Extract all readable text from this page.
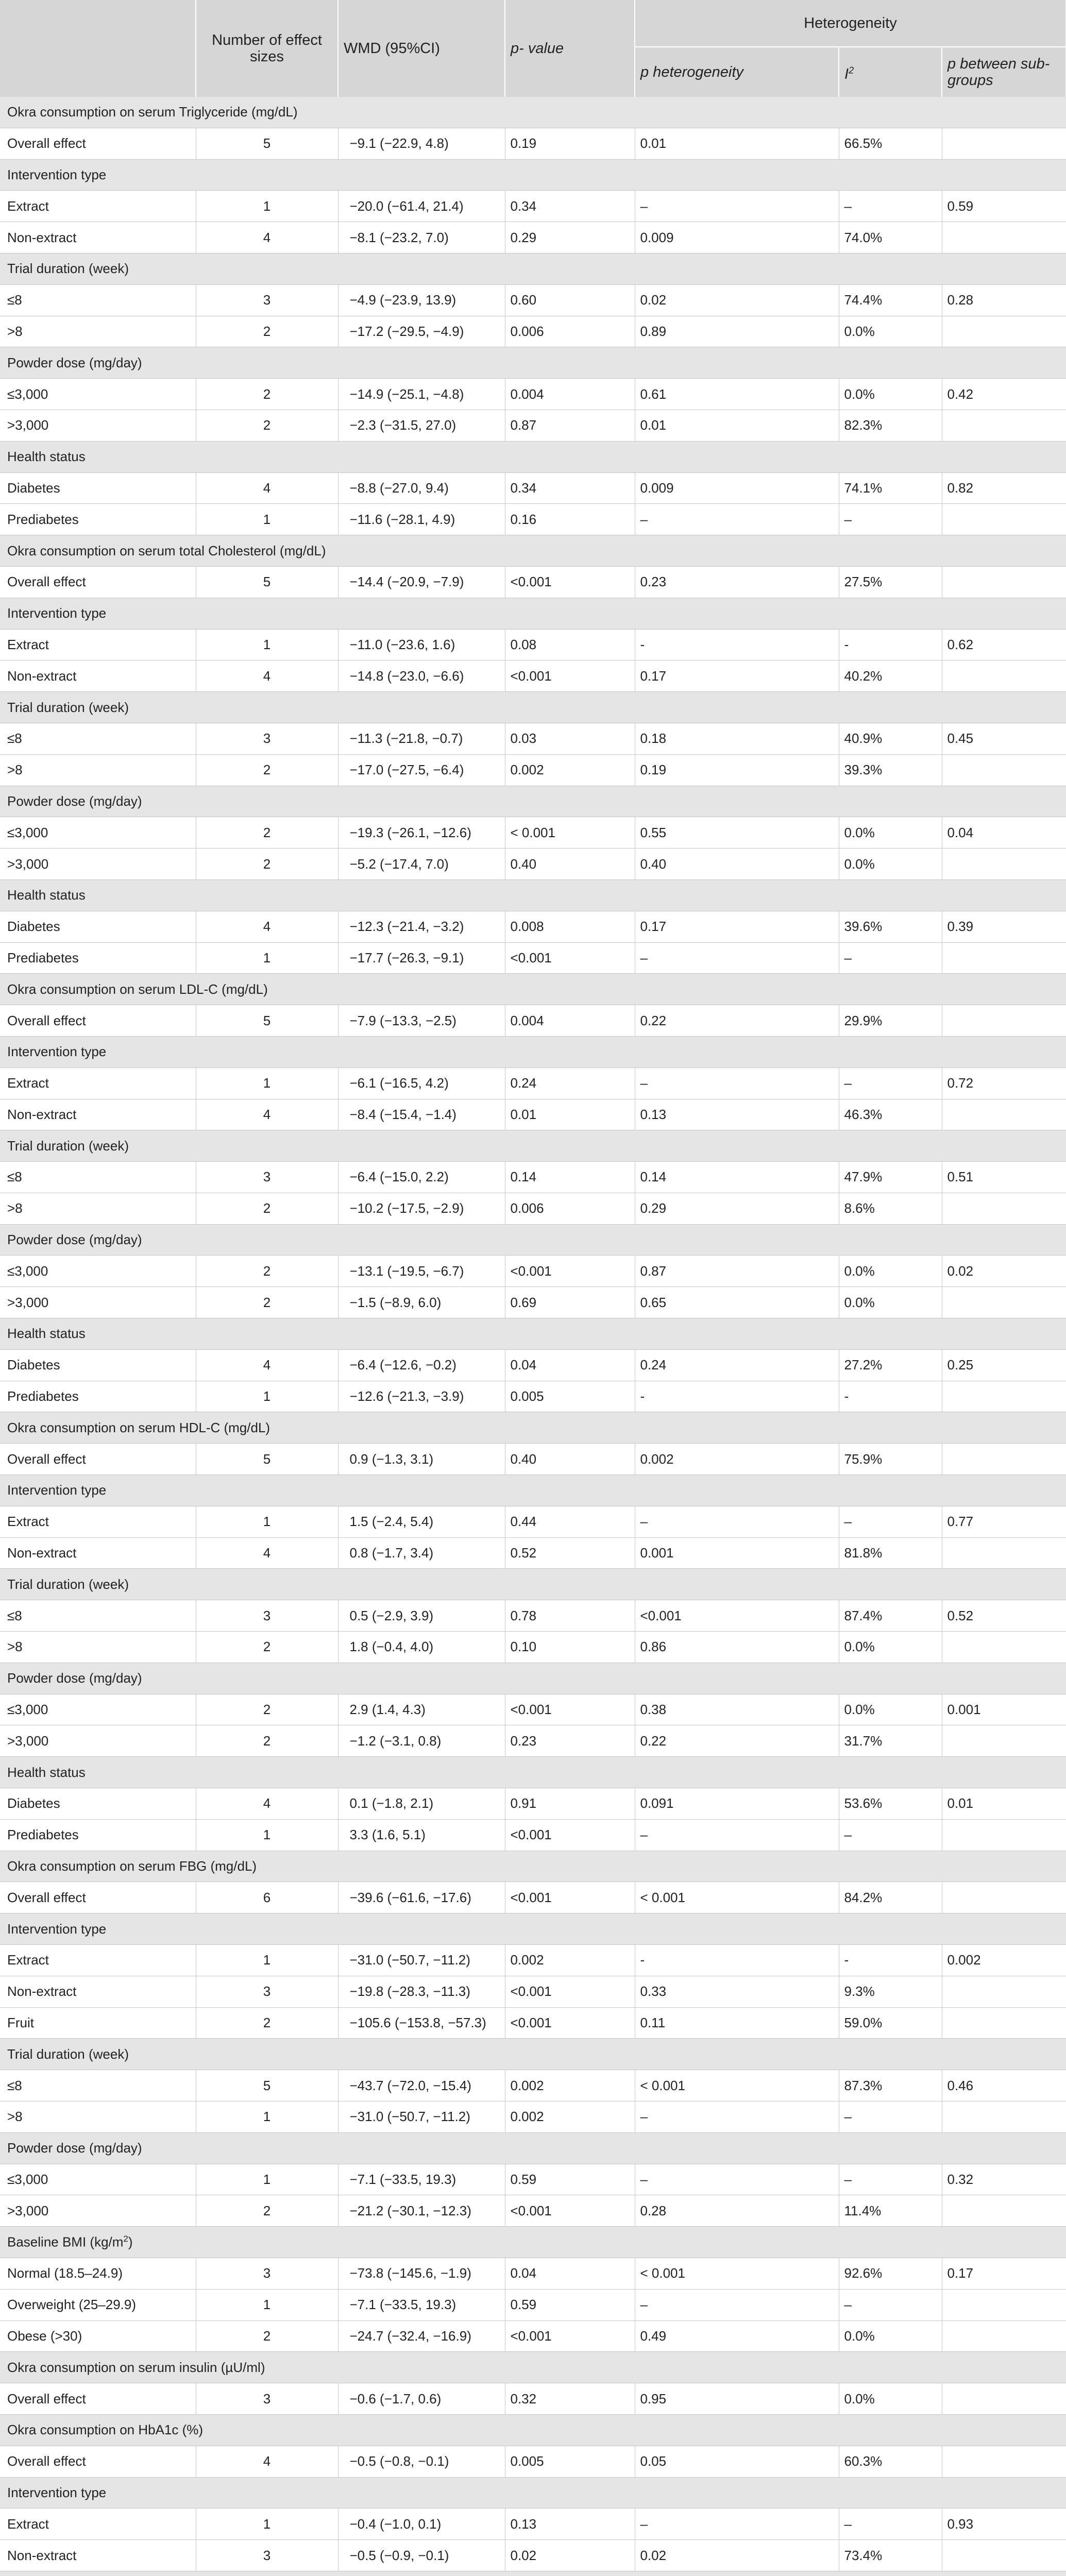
	Number of effect sizes	WMD (95%CI)	p- value	Heterogeneity		
				p heterogeneity	$I^2$	p between sub-groups
Okra consumption on serum Triglyceride (mg/dL)						
Overall effect	5	−9.1 (−22.9, 4.8)	0.19	0.01	66.5%	
Intervention type						
Extract	1	−20.0 (−61.4, 21.4)	0.34	–	–	0.59
Non-extract	4	−8.1 (−23.2, 7.0)	0.29	0.009	74.0%	
Trial duration (week)						
≤8	3	−4.9 (−23.9, 13.9)	0.60	0.02	74.4%	0.28
>8	2	−17.2 (−29.5, −4.9)	0.006	0.89	0.0%	
Powder dose (mg/day)						
≤3,000	2	−14.9 (−25.1, −4.8)	0.004	0.61	0.0%	0.42
>3,000	2	−2.3 (−31.5, 27.0)	0.87	0.01	82.3%	
Health status						
Diabetes	4	−8.8 (−27.0, 9.4)	0.34	0.009	74.1%	0.82
Prediabetes	1	−11.6 (−28.1, 4.9)	0.16	–	–	
Okra consumption on serum total Cholesterol (mg/dL)						
Overall effect	5	−14.4 (−20.9, −7.9)	<0.001	0.23	27.5%	
Intervention type						
Extract	1	−11.0 (−23.6, 1.6)	0.08	-	-	0.62
Non-extract	4	−14.8 (−23.0, −6.6)	<0.001	0.17	40.2%	
Trial duration (week)						
≤8	3	−11.3 (−21.8, −0.7)	0.03	0.18	40.9%	0.45
>8	2	−17.0 (−27.5, −6.4)	0.002	0.19	39.3%	
Powder dose (mg/day)						
≤3,000	2	−19.3 (−26.1, −12.6)	< 0.001	0.55	0.0%	0.04
>3,000	2	−5.2 (−17.4, 7.0)	0.40	0.40	0.0%	
Health status						
Diabetes	4	−12.3 (−21.4, −3.2)	0.008	0.17	39.6%	0.39
Prediabetes	1	−17.7 (−26.3, −9.1)	<0.001	–	–	
Okra consumption on serum LDL-C (mg/dL)						
Overall effect	5	−7.9 (−13.3, −2.5)	0.004	0.22	29.9%	
Intervention type						
Extract	1	−6.1 (−16.5, 4.2)	0.24	–	–	0.72
Non-extract	4	−8.4 (−15.4, −1.4)	0.01	0.13	46.3%	
Trial duration (week)						
≤8	3	−6.4 (−15.0, 2.2)	0.14	0.14	47.9%	0.51
>8	2	−10.2 (−17.5, −2.9)	0.006	0.29	8.6%	
Powder dose (mg/day)						
≤3,000	2	−13.1 (−19.5, −6.7)	<0.001	0.87	0.0%	0.02
>3,000	2	−1.5 (−8.9, 6.0)	0.69	0.65	0.0%	
Health status						
Diabetes	4	−6.4 (−12.6, −0.2)	0.04	0.24	27.2%	0.25
Prediabetes	1	−12.6 (−21.3, −3.9)	0.005	-	-	
Okra consumption on serum HDL-C (mg/dL)						
Overall effect	5	0.9 (−1.3, 3.1)	0.40	0.002	75.9%	
Intervention type						
Extract	1	1.5 (−2.4, 5.4)	0.44	–	–	0.77
Non-extract	4	0.8 (−1.7, 3.4)	0.52	0.001	81.8%	
Trial duration (week)						
≤8	3	0.5 (−2.9, 3.9)	0.78	<0.001	87.4%	0.52
>8	2	1.8 (−0.4, 4.0)	0.10	0.86	0.0%	
Powder dose (mg/day)						
≤3,000	2	2.9 (1.4, 4.3)	<0.001	0.38	0.0%	0.001
>3,000	2	−1.2 (−3.1, 0.8)	0.23	0.22	31.7%	
Health status						
Diabetes	4	0.1 (−1.8, 2.1)	0.91	0.091	53.6%	0.01
Prediabetes	1	3.3 (1.6, 5.1)	<0.001	–	–	
Okra consumption on serum FBG (mg/dL)						
Overall effect	6	−39.6 (−61.6, −17.6)	<0.001	< 0.001	84.2%	
Intervention type						
Extract	1	−31.0 (−50.7, −11.2)	0.002	-	-	0.002
Non-extract	3	−19.8 (−28.3, −11.3)	<0.001	0.33	9.3%	
Fruit	2	−105.6 (−153.8, −57.3)	<0.001	0.11	59.0%	
Trial duration (week)						
≤8	5	−43.7 (−72.0, −15.4)	0.002	< 0.001	87.3%	0.46
>8	1	−31.0 (−50.7, −11.2)	0.002	–	–	
Powder dose (mg/day)						
≤3,000	1	−7.1 (−33.5, 19.3)	0.59	–	–	0.32
>3,000	2	−21.2 (−30.1, −12.3)	<0.001	0.28	11.4%	
Baseline BMI $(kg/m^2)$						
Normal (18.5–24.9)	3	−73.8 (−145.6, −1.9)	0.04	< 0.001	92.6%	0.17
Overweight (25–29.9)	1	−7.1 (−33.5, 19.3)	0.59	–	–	
Obese (>30)	2	−24.7 (−32.4, −16.9)	<0.001	0.49	0.0%	
Okra consumption on serum insulin (µU/ml)						
Overall effect	3	−0.6 (−1.7, 0.6)	0.32	0.95	0.0%	
Okra consumption on HbA1c (%)						
Overall effect	4	−0.5 (−0.8, −0.1)	0.005	0.05	60.3%	
Intervention type						
Extract	1	−0.4 (−1.0, 0.1)	0.13	–	–	0.93
Non-extract	3	−0.5 (−0.9, −0.1)	0.02	0.02	73.4%	
